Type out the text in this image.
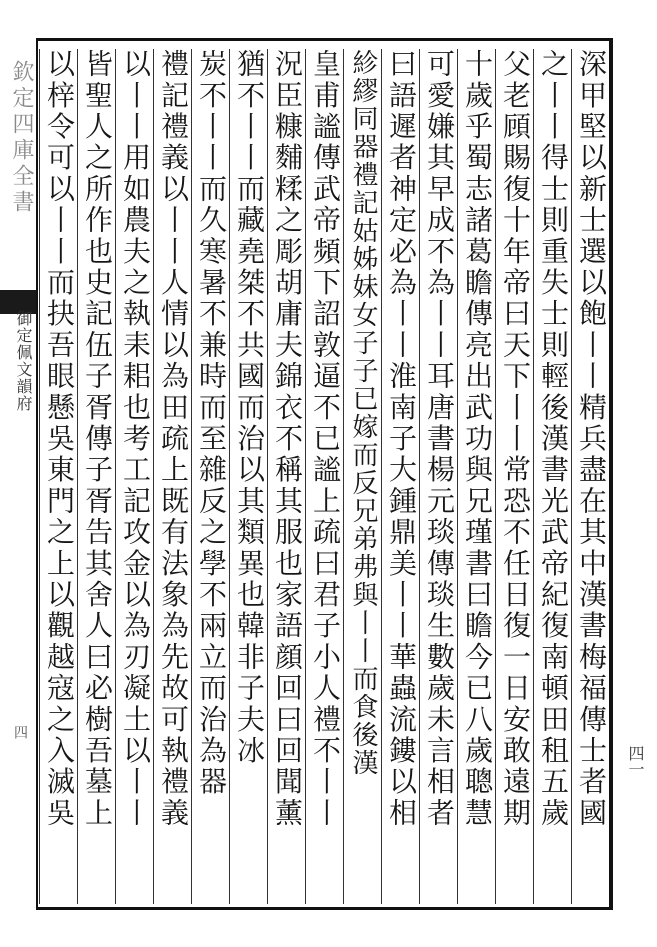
欽定四庫全書
御定佩文韻府
四	深甲堅以新士選以飽丨丨精兵盡在其中漢書梅福傳士者國
之丨丨得士則重失士則輕後漢書光武帝紀復南頓田租五歲
父老頋賜復十年帝曰天下丨丨常恐不任日復一日安敢遠期
十歲乎蜀志諸葛瞻傳亮出武功與兄瑾書曰瞻今已八歲聰慧
可愛嫌其早成不為丨丨耳唐書楊元琰傳琰生數歲未言相者
曰語遲者神定必為丨丨淮南子大鍾鼎美丨丨華蟲流鏤以相
紾繆同器禮記姑姊妹女子子已嫁而反兄弟弗與丨丨而食後漢
皇甫謐傳武帝頻下詔敦逼不已謐上疏曰君子小人禮不丨丨
況臣糠麱糅之彫胡庸夫錦衣不稱其服也家語顔回曰回聞薰
猶不丨丨而藏堯桀不共國而治以其類異也韓非子夫冰
炭不丨丨而久寒暑不兼時而至雜反之學不兩立而治為器
禮記禮義以丨丨人情以為田疏上既有法象為先故可執禮義
以丨丨用如農夫之執耒耜也考工記攻金以為刃凝土以丨丨
皆聖人之所作也史記伍子胥傳子胥告其舍人曰必樹吾墓上
以梓令可以丨丨而抉吾眼懸吳東門之上以觀越寇之入滅吳	四一
